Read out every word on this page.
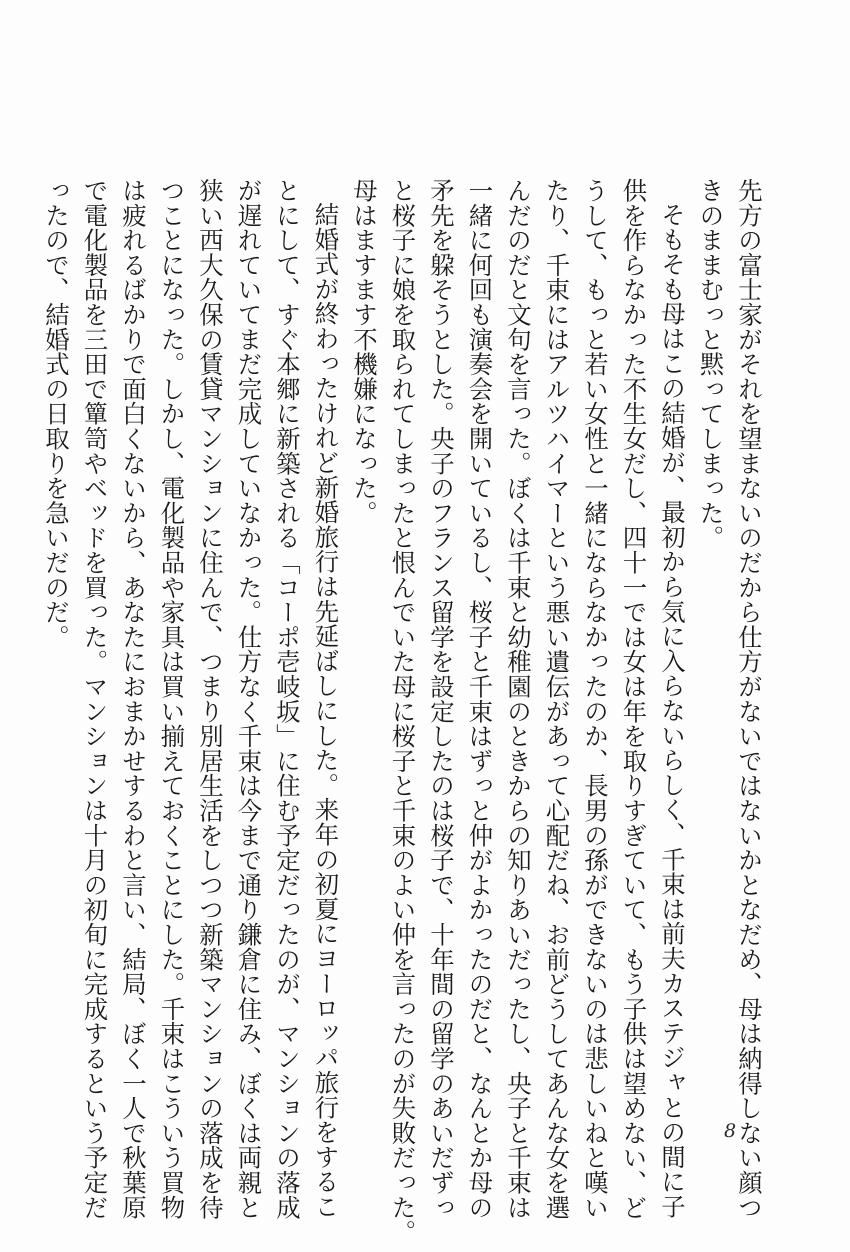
先方の富士家がそれを望まないのだから仕方がないではないかとなだめ、母は納得しない顔つ
きのままむっと黙ってしまった。

そもそも母はこの結婚が、最初から気に入らないらしく、千束は前夫カステジャとの間に子
供を作らなかった不生女だし、四十一では女は年を取りすぎていて、もう子供は望めない、ど
うして、もっと若い女性と一緒にならなかったのか、長男の孫ができないのは悲しいねと嘆い
たり、千束にはアルツハイマーという悪い遺伝があって心配だね、お前どうしてあんな女を選
んだのだと文句を言った。ぼくは千束と幼稚園のときからの知りあいだったし、央子と千束は
一緒に何回も演奏会を開いているし、桜子と千束はずっと仲がよかったのだと、なんとか母の
矛先を躱そうとした。央子のフランス留学を設定したのは桜子で、十年間の留学のあいだずっ
と桜子に娘を取られてしまったと恨んでいた母に桜子と千束のよい仲を言ったのが失敗だった。
母はますます不機嫌になった。

結婚式が終わったけれど新婚旅行は先延ばしにした。来年の初夏にヨーロッパ旅行をするこ
とにして、すぐ本郷に新築される「コーポ壱岐坂」に住む予定だったのが、マンションの落成
が遅れていてまだ完成していなかった。仕方なく千束は今まで通り鎌倉に住み、ぼくは両親と
狭い西大久保の賃貸マンションに住んで、つまり別居生活をしつつ新築マンションの落成を待
つことになった。しかし、電化製品や家具は買い揃えておくことにした。千束はこういう買物
は疲れるばかりで面白くないから、あなたにおまかせするわと言い、結局、ぼく一人で秋葉原
で電化製品を三田で簞笥やベッドを買った。マンションは十月の初旬に完成するという予定だ
ったので、結婚式の日取りを急いだのだ。

8
